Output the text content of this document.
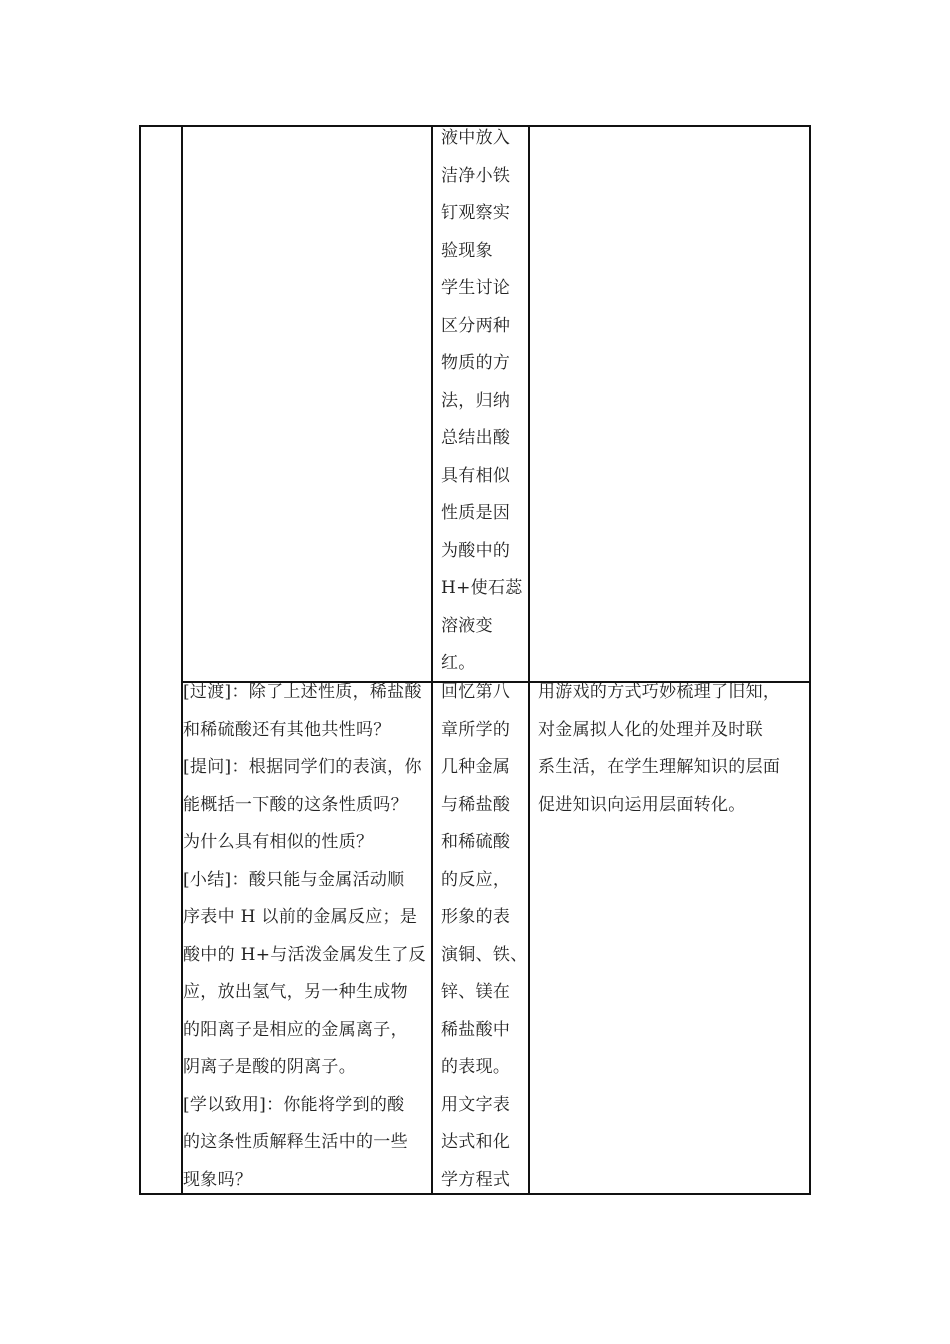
液中放入

洁净小铁

钉观察实

验现象

学生讨论

区分两种

物质的方

法，归纳

总结出酸

具有相似

性质是因

为酸中的

H+使石蕊

溶液变

红。

[过渡]：除了上述性质，稀盐酸

和稀硫酸还有其他共性吗？

[提问]：根据同学们的表演，你

能概括一下酸的这条性质吗？

为什么具有相似的性质？

[小结]：酸只能与金属活动顺

序表中 H 以前的金属反应；是

酸中的 H+与活泼金属发生了反

应，放出氢气，另一种生成物

的阳离子是相应的金属离子，

阴离子是酸的阴离子。

[学以致用]：你能将学到的酸

的这条性质解释生活中的一些

现象吗？

回忆第八

章所学的

几种金属

与稀盐酸

和稀硫酸

的反应，

形象的表

演铜、铁、

锌、镁在

稀盐酸中

的表现。

用文字表

达式和化

学方程式

用游戏的方式巧妙梳理了旧知，

对金属拟人化的处理并及时联

系生活，在学生理解知识的层面

促进知识向运用层面转化。
